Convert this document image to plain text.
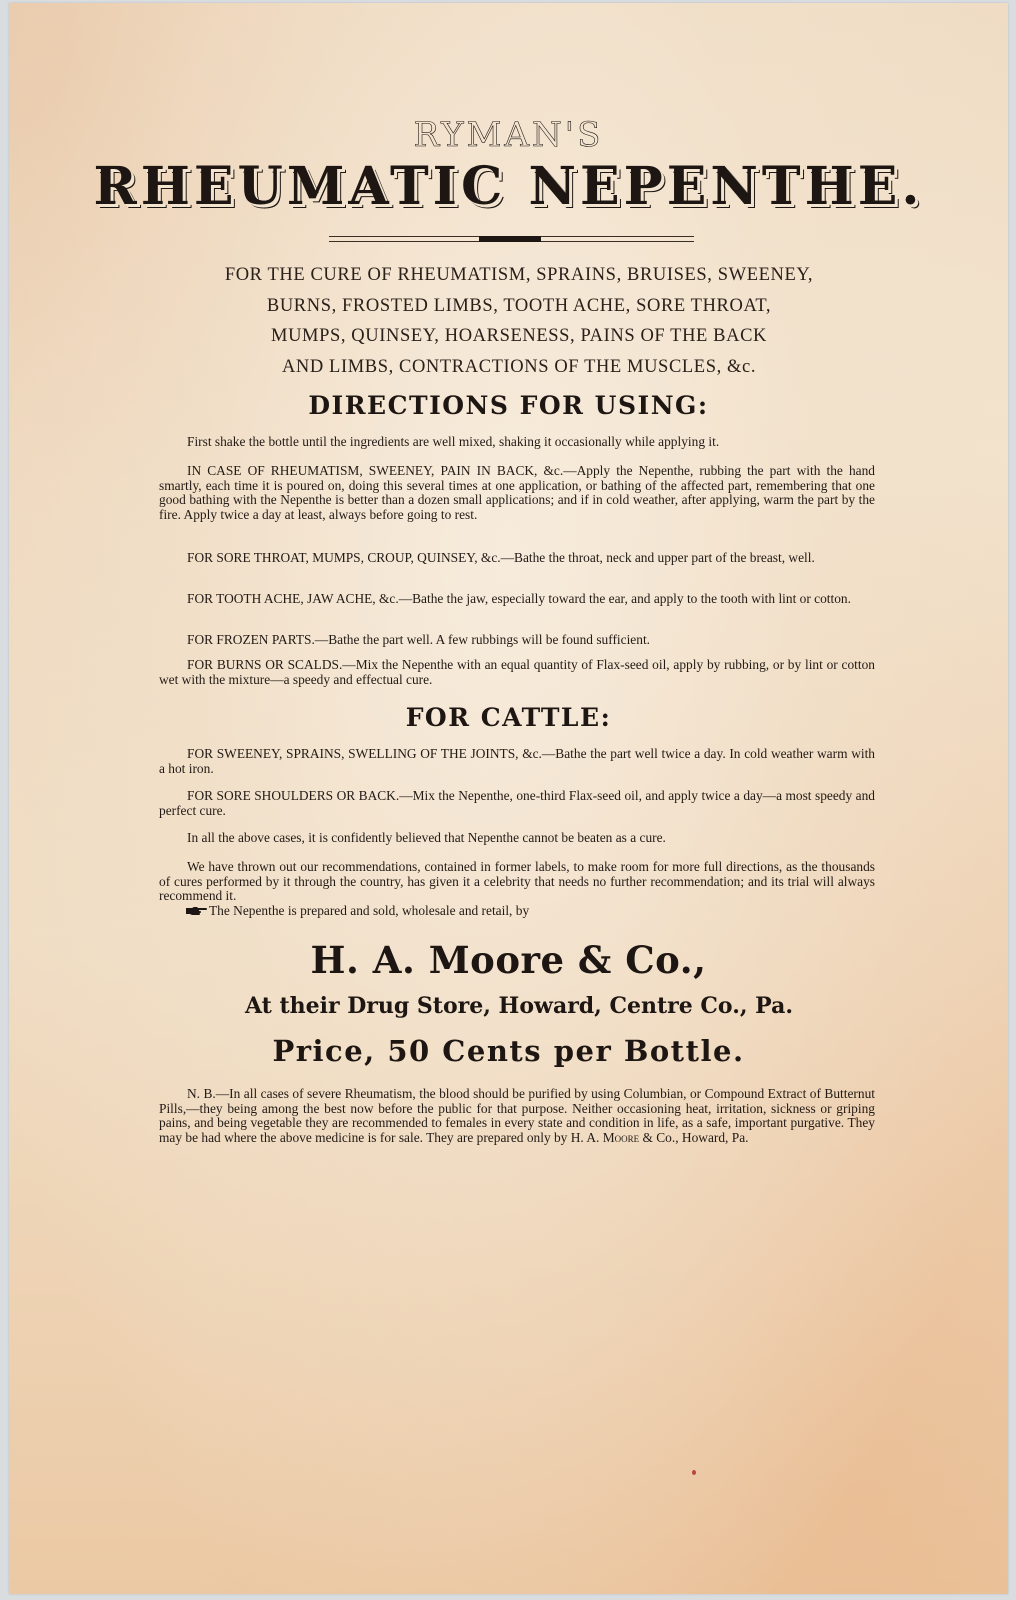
RYMAN'S
RHEUMATIC NEPENTHE.
FOR THE CURE OF RHEUMATISM, SPRAINS, BRUISES, SWEENEY,
BURNS, FROSTED LIMBS, TOOTH ACHE, SORE THROAT,
MUMPS, QUINSEY, HOARSENESS, PAINS OF THE BACK
AND LIMBS, CONTRACTIONS OF THE MUSCLES, &c.
DIRECTIONS FOR USING:
First shake the bottle until the ingredients are well mixed, shaking it occasionally while applying it.
IN CASE OF RHEUMATISM, SWEENEY, PAIN IN BACK, &c.—Apply the Nepenthe, rubbing the part with the hand smartly, each time it is poured on, doing this several times at one application, or bathing of the affected part, remembering that one good bathing with the Nepenthe is better than a dozen small applications; and if in cold weather, after applying, warm the part by the fire. Apply twice a day at least, always before going to rest.
FOR SORE THROAT, MUMPS, CROUP, QUINSEY, &c.—Bathe the throat, neck and upper part of the breast, well.
FOR TOOTH ACHE, JAW ACHE, &c.—Bathe the jaw, especially toward the ear, and apply to the tooth with lint or cotton.
FOR FROZEN PARTS.—Bathe the part well. A few rubbings will be found sufficient.
FOR BURNS OR SCALDS.—Mix the Nepenthe with an equal quantity of Flax-seed oil, apply by rubbing, or by lint or cotton wet with the mixture—a speedy and effectual cure.
FOR CATTLE:
FOR SWEENEY, SPRAINS, SWELLING OF THE JOINTS, &c.—Bathe the part well twice a day. In cold weather warm with a hot iron.
FOR SORE SHOULDERS OR BACK.—Mix the Nepenthe, one-third Flax-seed oil, and apply twice a day—a most speedy and perfect cure.
In all the above cases, it is confidently believed that Nepenthe cannot be beaten as a cure.
We have thrown out our recommendations, contained in former labels, to make room for more full directions, as the thousands of cures performed by it through the country, has given it a celebrity that needs no further recommendation; and its trial will always recommend it.
The Nepenthe is prepared and sold, wholesale and retail, by
H. A. Moore & Co.,
At their Drug Store, Howard, Centre Co., Pa.
Price, 50 Cents per Bottle.
N. B.—In all cases of severe Rheumatism, the blood should be purified by using Columbian, or Compound Extract of Butternut Pills,—they being among the best now before the public for that purpose. Neither occasioning heat, irritation, sickness or griping pains, and being vegetable they are recommended to females in every state and condition in life, as a safe, important purgative. They may be had where the above medicine is for sale. They are prepared only by H. A. Moore & Co., Howard, Pa.
